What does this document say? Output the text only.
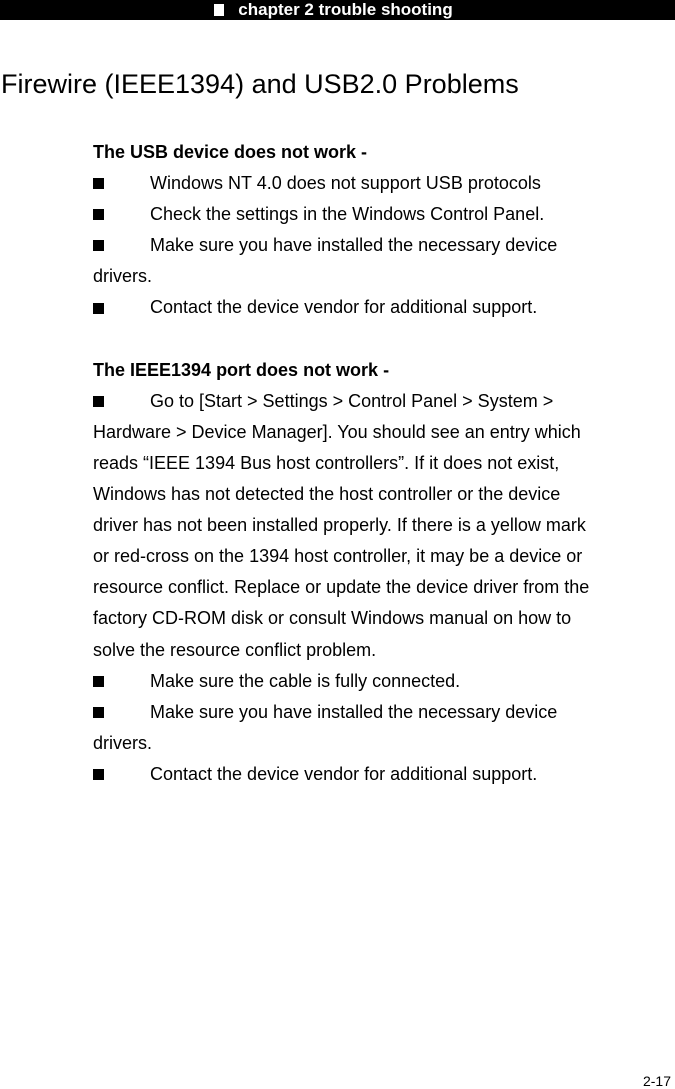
chapter 2 trouble shooting
Firewire (IEEE1394) and USB2.0 Problems
The USB device does not work -
Windows NT 4.0 does not support USB protocols
Check the settings in the Windows Control Panel.
Make sure you have installed the necessary device
drivers.
Contact the device vendor for additional support.
The IEEE1394 port does not work -
Go to [Start > Settings > Control Panel > System >
Hardware > Device Manager]. You should see an entry which
reads “IEEE 1394 Bus host controllers”. If it does not exist,
Windows has not detected the host controller or the device
driver has not been installed properly. If there is a yellow mark
or red-cross on the 1394 host controller, it may be a device or
resource conflict. Replace or update the device driver from the
factory CD-ROM disk or consult Windows manual on how to
solve the resource conflict problem.
Make sure the cable is fully connected.
Make sure you have installed the necessary device
drivers.
Contact the device vendor for additional support.
2-17
